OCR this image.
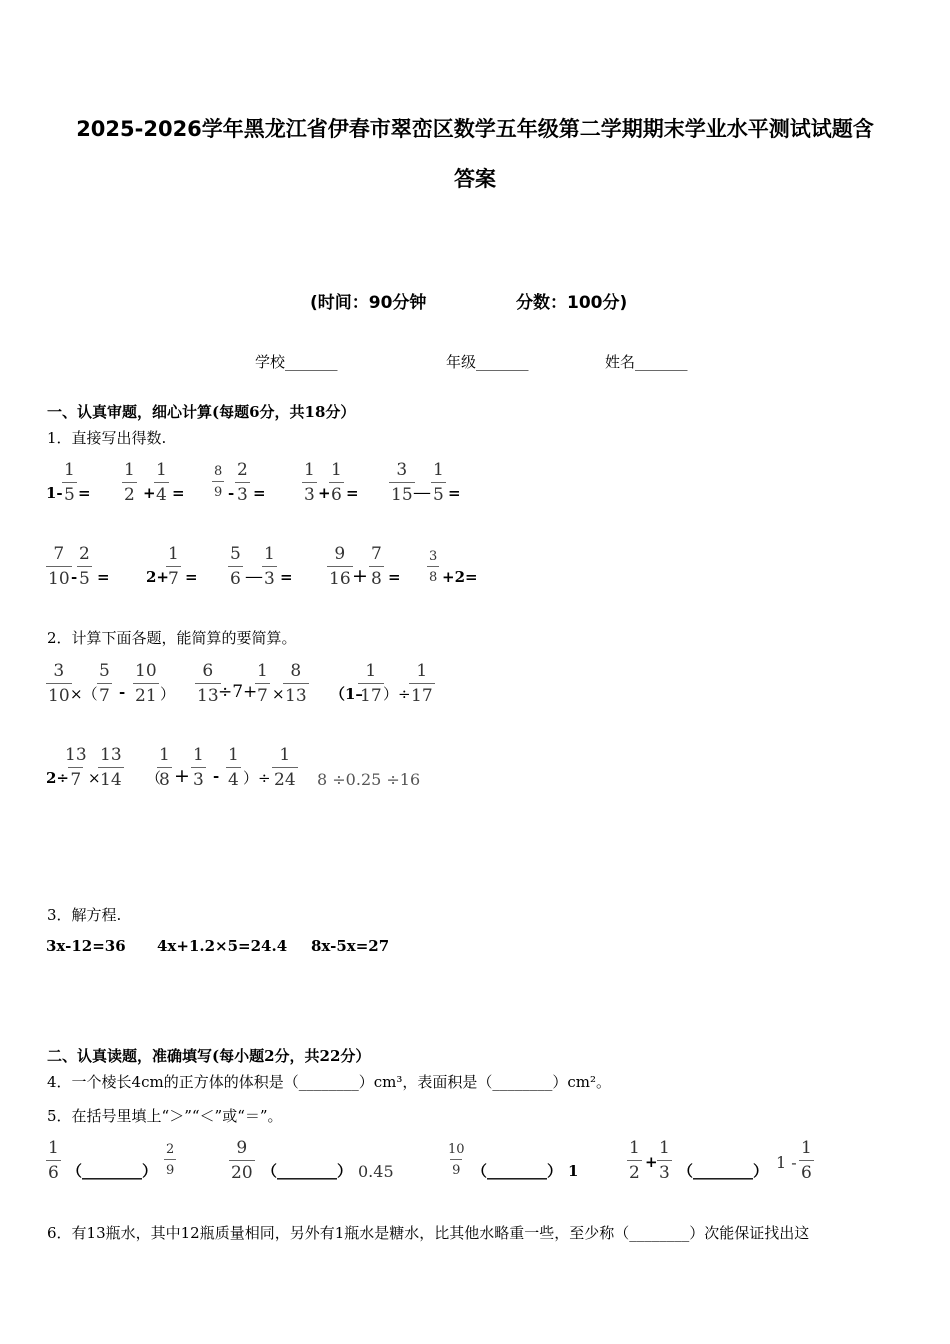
2025-2026学年黑龙江省伊春市翠峦区数学五年级第二学期期末学业水平测试试题含
答案
(时间：90分钟	分数：100分)
学校_______	年级_______	姓名_______
一、认真审题，细心计算(每题6分，共18分）
1．直接写出得数.
$1- \frac{1}{5} = \frac{1}{2}$ +
$\frac{1}{4} = \frac{8}{9} - \frac{2}{3} = \frac{1}{3}$ +
$\frac{1}{6} = \frac{3}{15}$
— $\frac{1}{5}$ =
$\frac{7}{10} - \frac{2}{5} = 2+$
$\frac{1}{7} = \frac{5}{6}$ — $\frac{1}{3} = \frac{9}{16} + \frac{7}{8} = \frac{3}{8} +2=$
2．计算下面各题，能简算的要简算。
$\frac{3}{10}$
×（ $\frac{5}{7} - \frac{10}{21}$ ） $\frac{6}{13}$
÷7+
$\frac{1}{7}$ ×
$\frac{8}{13} (1-$
$\frac{1}{17}$ ）÷
$\frac{1}{17}$
2÷
$\frac{13}{7}$ ×
$\frac{13}{14}$ （
$\frac{1}{8} + \frac{1}{3} - \frac{1}{4}$ ）÷ $\frac{1}{24} 8 \div 0.25 \div 16$
3．解方程.
3x-12=36 4x+1.2×5=24.4 8x-5x=27
二、认真读题，准确填写(每小题2分，共22分）
4．一个棱长4cm的正方体的体积是（________）cm³，表面积是（________）cm²。
5．在括号里填上“＞”“＜”或“＝”。
$\frac{1}{6}$ （________） $\frac{2}{9}$	$\frac{9}{20}$ （________） 0.45	$\frac{10}{9}$ （________） 1	$\frac{1}{2} + \frac{1}{3}$ （________） $1 - \frac{1}{6}$
6．有13瓶水，其中12瓶质量相同，另外有1瓶水是糖水，比其他水略重一些，至少称（________）次能保证找出这
